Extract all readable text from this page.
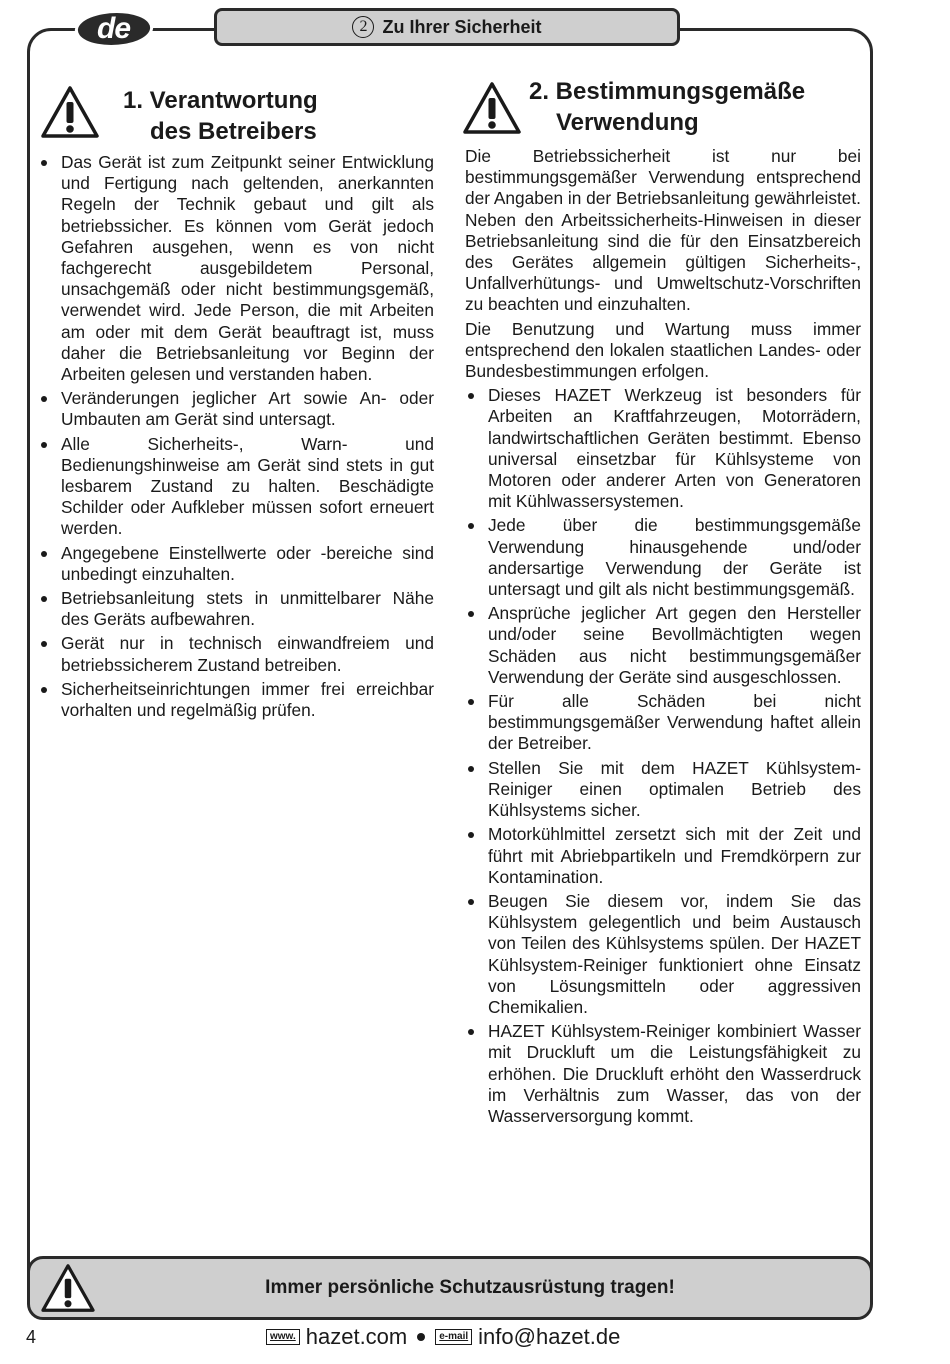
2 Zu Ihrer Sicherheit
de
1. Verantwortung
des Betreibers
2. Bestimmungsgemäße
Verwendung
Das Gerät ist zum Zeitpunkt seiner Entwicklung und Fertigung nach geltenden, anerkannten Regeln der Technik gebaut und gilt als betriebssicher. Es können vom Gerät jedoch Gefahren ausgehen, wenn es von nicht fachgerecht ausgebildetem Personal, unsachgemäß oder nicht bestimmungsgemäß, verwendet wird. Jede Person, die mit Arbeiten am oder mit dem Gerät beauftragt ist, muss daher die Betriebsanleitung vor Beginn der Arbeiten gelesen und verstanden haben.
Veränderungen jeglicher Art sowie An- oder Umbauten am Gerät sind untersagt.
Alle Sicherheits-, Warn- und Bedienungshinweise am Gerät sind stets in gut lesbarem Zustand zu halten. Beschädigte Schilder oder Aufkleber müssen sofort erneuert werden.
Angegebene Einstellwerte oder -bereiche sind unbedingt einzuhalten.
Betriebsanleitung stets in unmittelbarer Nähe des Geräts aufbewahren.
Gerät nur in technisch einwandfreiem und betriebssicherem Zustand betreiben.
Sicherheitseinrichtungen immer frei erreichbar vorhalten und regelmäßig prüfen.

Die Betriebssicherheit ist nur bei bestimmungsgemäßer Verwendung entsprechend der Angaben in der Betriebsanleitung gewährleistet. Neben den Arbeitssicherheits-Hinweisen in dieser Betriebsanleitung sind die für den Einsatzbereich des Gerätes allgemein gültigen Sicherheits-, Unfallverhütungs- und Umweltschutz-Vorschriften zu beachten und einzuhalten.

Die Benutzung und Wartung muss immer entsprechend den lokalen staatlichen Landes- oder Bundesbestimmungen erfolgen.

Dieses HAZET Werkzeug ist besonders für Arbeiten an Kraftfahrzeugen, Motorrädern, landwirtschaftlichen Geräten bestimmt. Ebenso universal einsetzbar für Kühlsysteme von Motoren oder anderer Arten von Generatoren mit Kühlwassersystemen.
Jede über die bestimmungsgemäße Verwendung hinausgehende und/oder andersartige Verwendung der Geräte ist untersagt und gilt als nicht bestimmungsgemäß.
Ansprüche jeglicher Art gegen den Hersteller und/oder seine Bevollmächtigten wegen Schäden aus nicht bestimmungsgemäßer Verwendung der Geräte sind ausgeschlossen.
Für alle Schäden bei nicht bestimmungsgemäßer Verwendung haftet allein der Betreiber.
Stellen Sie mit dem HAZET Kühlsystem-Reiniger einen optimalen Betrieb des Kühlsystems sicher.
Motorkühlmittel zersetzt sich mit der Zeit und führt mit Abriebpartikeln und Fremdkörpern zur Kontamination.
Beugen Sie diesem vor, indem Sie das Kühlsystem gelegentlich und beim Austausch von Teilen des Kühlsystems spülen. Der HAZET Kühlsystem-Reiniger funktioniert ohne Einsatz von Lösungsmitteln oder aggressiven Chemikalien.
HAZET Kühlsystem-Reiniger kombiniert Wasser mit Druckluft um die Leistungsfähigkeit zu erhöhen. Die Druckluft erhöht den Wasserdruck im Verhältnis zum Wasser, das von der Wasserversorgung kommt.
Immer persönliche Schutzausrüstung tragen!
4	www. hazet.com	e-mail info@hazet.de
